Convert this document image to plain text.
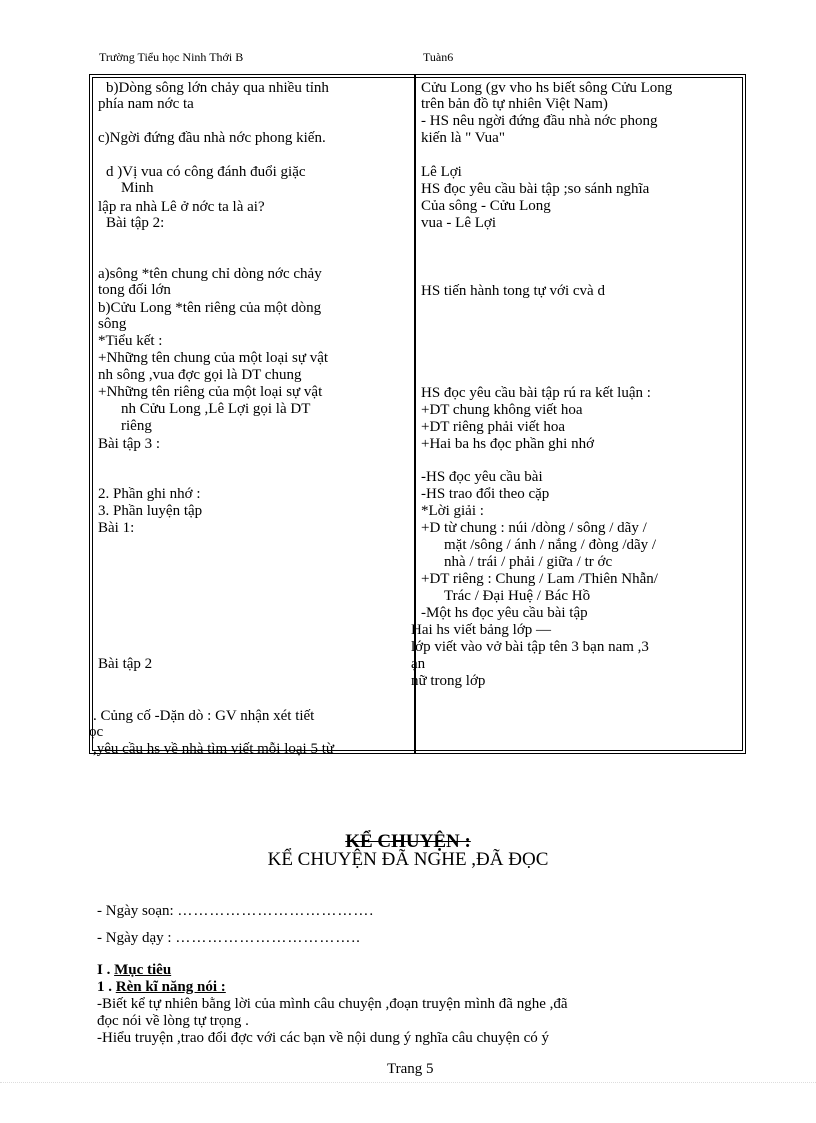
Trường Tiểu học Ninh Thới B	Tuàn6
b)Dòng sông lớn chảy qua nhiều tỉnh
phía nam nớc ta
c)Ngời đứng đầu nhà nớc phong kiến.
d )Vị vua có công đánh đuổi giặc
Minh
lập ra nhà Lê ở nớc ta là ai?
Bài tập 2:
a)sông *tên chung chỉ dòng nớc chảy
tong đối lớn
b)Cửu Long *tên riêng của một dòng
sông
*Tiểu kết :
+Những tên chung của một loại sự vật
nh sông ,vua đợc gọi là DT chung
+Những tên riêng của một loại sự vật
nh Cửu Long ,Lê Lợi gọi là DT
riêng
Bài tập 3 :
2. Phần ghi nhớ :
3. Phần luyện tập
Bài 1:
Bài tập 2
. Củng cố -Dặn dò : GV nhận xét tiết
ọc
,yêu cầu hs về nhà tìm viết mỗi loại 5 từ
Cửu Long (gv vho hs biết sông Cửu Long
trên bản đồ tự nhiên Việt Nam)
- HS nêu ngời đứng đầu nhà nớc phong
kiến là " Vua"
Lê Lợi
HS đọc yêu cầu bài tập ;so sánh nghĩa
Của sông - Cửu Long
vua - Lê Lợi
HS tiến hành tong tự với cvà d
HS đọc yêu cầu bài tập rú ra kết luận :
+DT chung không viết hoa
+DT riêng phải viết hoa
+Hai ba hs đọc phần ghi nhớ
-HS đọc yêu cầu bài
-HS trao đổi theo cặp
*Lời giải :
+D từ chung : núi /dòng / sông / dãy /
mặt /sông / ánh / nắng / đòng /dãy /
nhà / trái / phải / giữa / tr ớc
+DT riêng : Chung / Lam /Thiên Nhẫn/
Trác / Đại Huệ / Bác Hồ
-Một hs đọc yêu cầu bài tập
Hai hs viết bảng lớp —
lớp viết vào vở bài tập tên 3 bạn nam ,3
ạn
nữ trong lớp
KỂ CHUYỆN :
KỂ CHUYỆN ĐÃ NGHE ,ĐÃ ĐỌC
- Ngày soạn: ……………………………….
- Ngày dạy : ……………………………..
I . Mục tiêu
1 . Rèn kĩ năng nói :
-Biết kể tự nhiên bằng lời của mình câu chuyện ,đoạn truyện mình đã nghe ,đã
đọc nói về lòng tự trọng .
-Hiểu truyện ,trao đổi đợc với các bạn về nội dung ý nghĩa câu chuyện có ý
Trang 5
